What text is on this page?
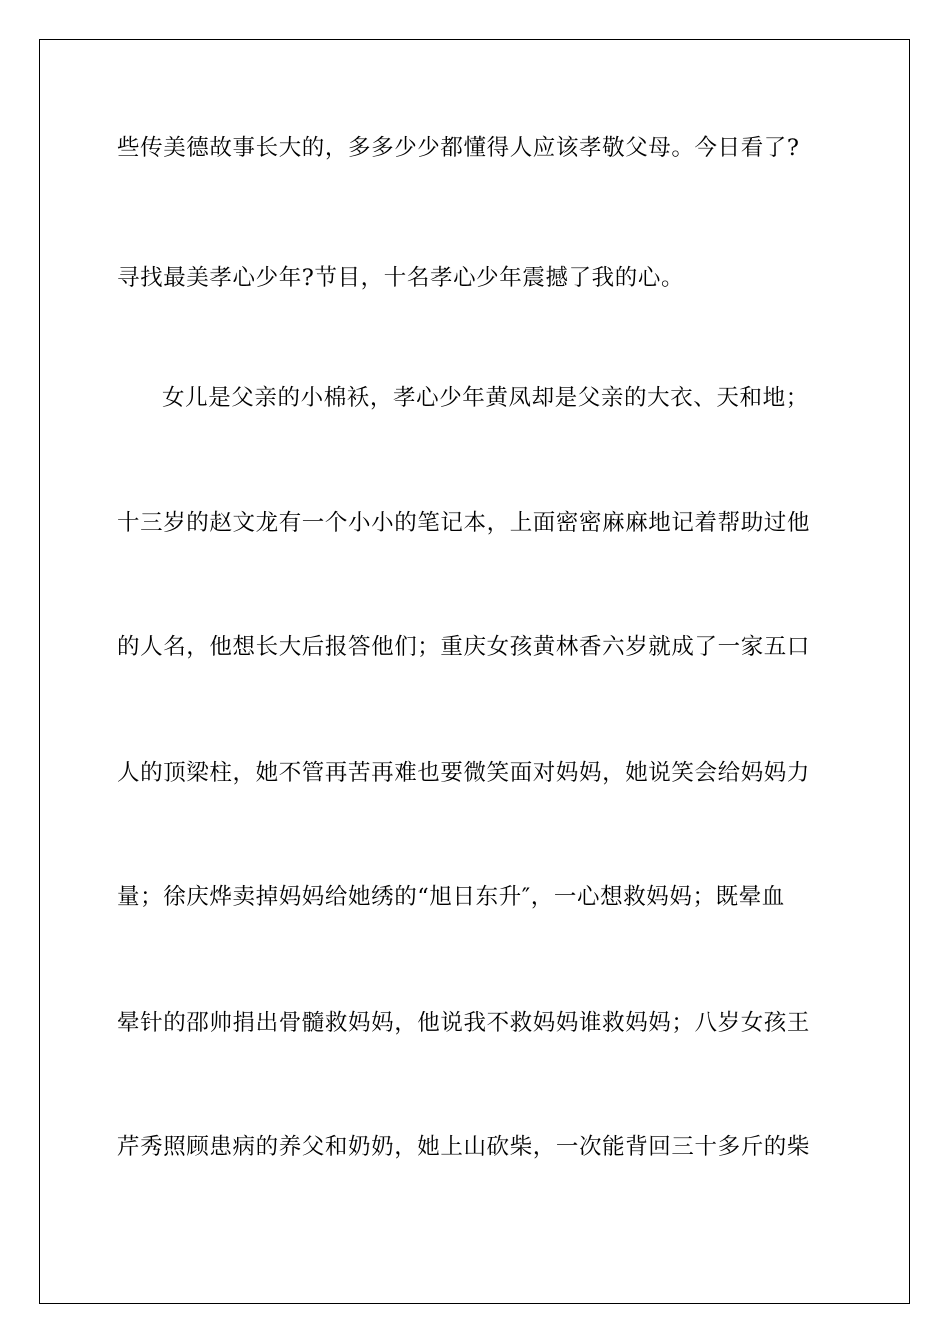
些传美德故事长大的，多多少少都懂得人应该孝敬父母。今日看了?
寻找最美孝心少年?节目，十名孝心少年震撼了我的心。
女儿是父亲的小棉袄，孝心少年黄凤却是父亲的大衣、天和地；
十三岁的赵文龙有一个小小的笔记本，上面密密麻麻地记着帮助过他
的人名，他想长大后报答他们；重庆女孩黄林香六岁就成了一家五口
人的顶梁柱，她不管再苦再难也要微笑面对妈妈，她说笑会给妈妈力
量；徐庆烨卖掉妈妈给她绣的“旭日东升″，一心想救妈妈；既晕血
晕针的邵帅捐出骨髓救妈妈，他说我不救妈妈谁救妈妈；八岁女孩王
芹秀照顾患病的养父和奶奶，她上山砍柴，一次能背回三十多斤的柴
